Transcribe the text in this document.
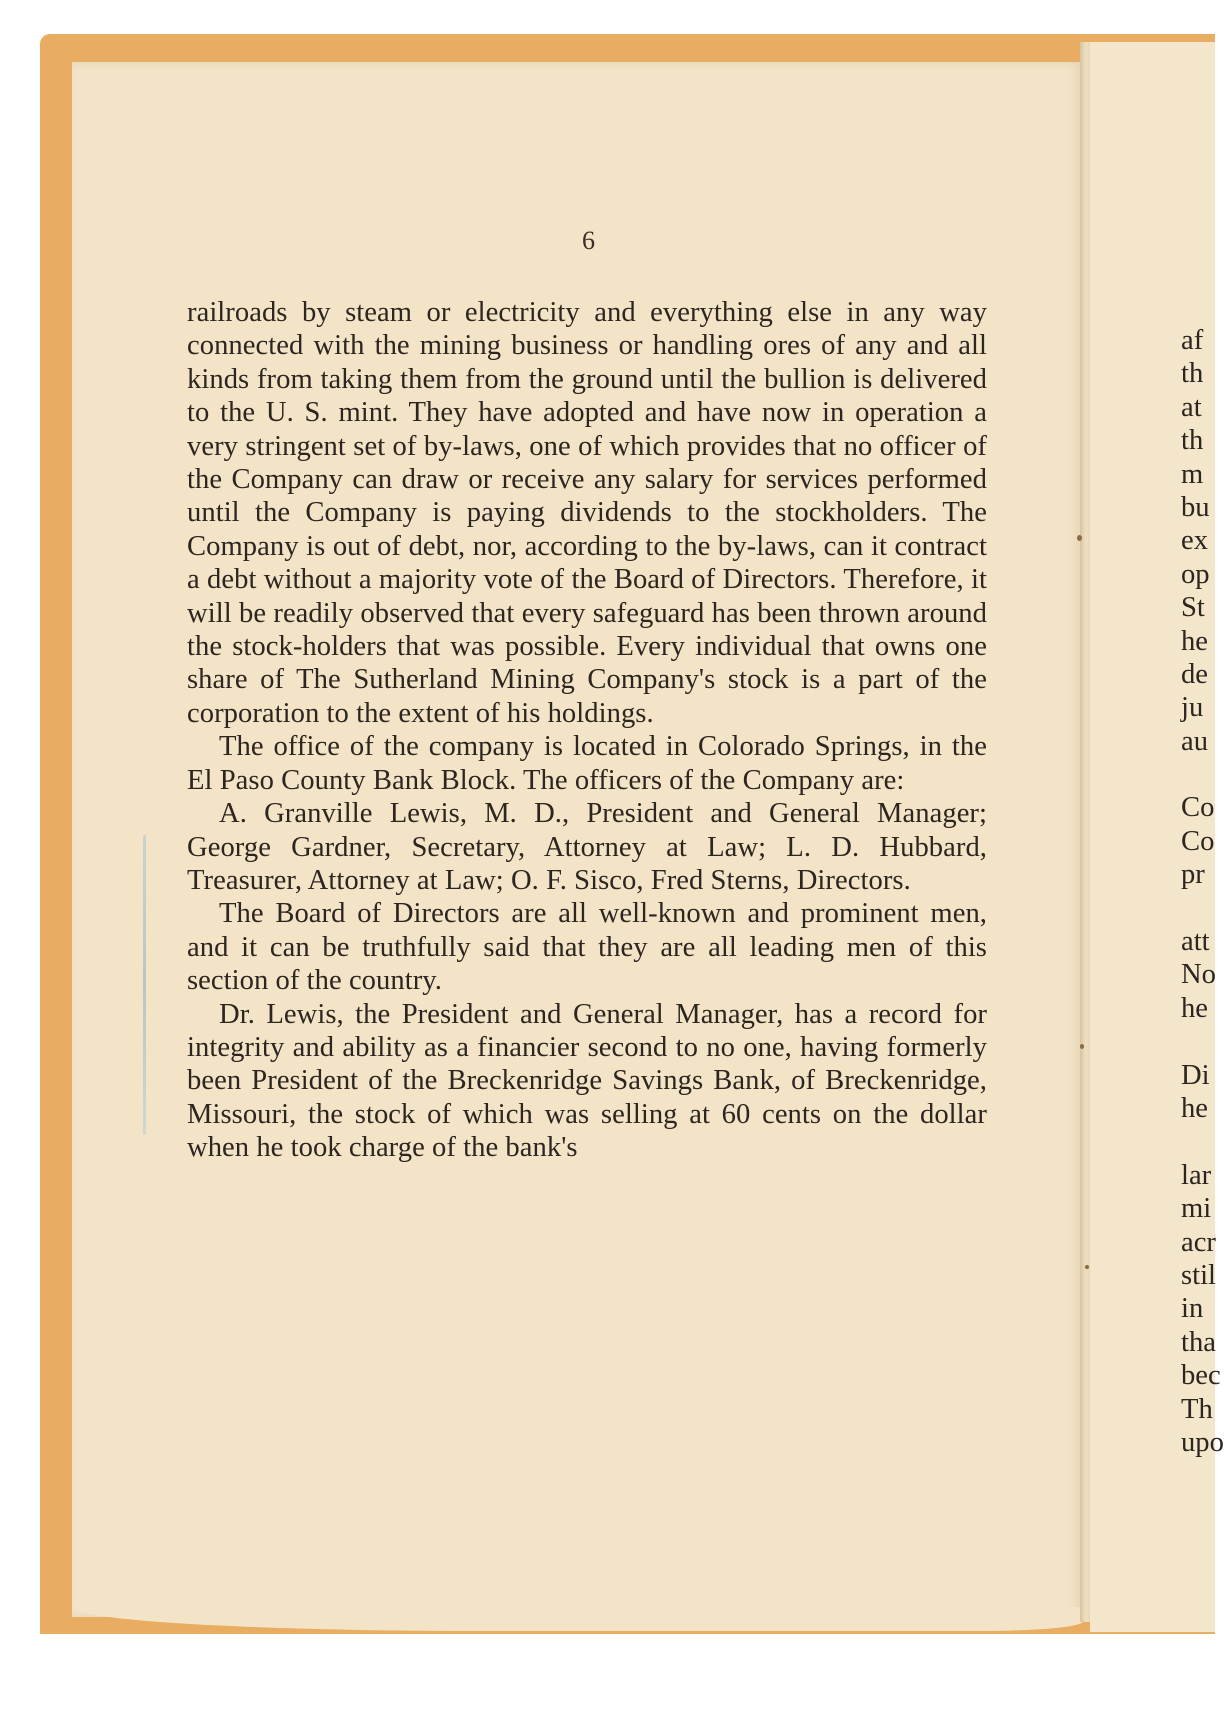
6

railroads by steam or electricity and everything else in any way connected with the mining business or handling ores of any and all kinds from taking them from the ground until the bullion is delivered to the U. S. mint. They have adopted and have now in operation a very stringent set of by-laws, one of which provides that no officer of the Company can draw or receive any salary for services performed until the Company is paying dividends to the stockholders. The Company is out of debt, nor, according to the by-laws, can it contract a debt without a majority vote of the Board of Directors. Therefore, it will be readily observed that every safeguard has been thrown around the stock-holders that was possible. Every individual that owns one share of The Sutherland Mining Company's stock is a part of the corporation to the extent of his holdings.

The office of the company is located in Colorado Springs, in the El Paso County Bank Block. The officers of the Company are:

A. Granville Lewis, M. D., President and General Manager; George Gardner, Secretary, Attorney at Law; L. D. Hubbard, Treasurer, Attorney at Law; O. F. Sisco, Fred Sterns, Directors.

The Board of Directors are all well-known and prominent men, and it can be truthfully said that they are all leading men of this section of the country.

Dr. Lewis, the President and General Manager, has a record for integrity and ability as a financier second to no one, having formerly been President of the Breckenridge Savings Bank, of Breckenridge, Missouri, the stock of which was selling at 60 cents on the dollar when he took charge of the bank's

af
th
at
th
m
bu
ex
op
St
he
de
ju
au
Co
Co
pr
att
No
he
Di
he
lar
mi
acr
stil
in
tha
bec
Th
upo
